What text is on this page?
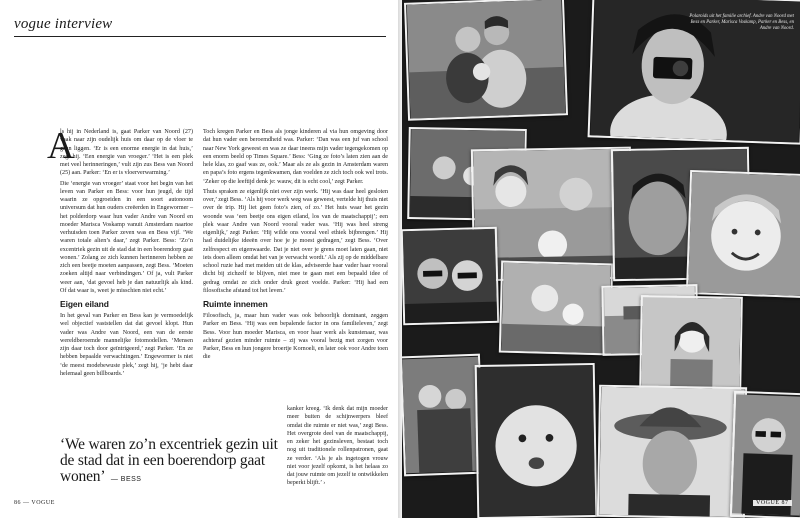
vogue interview
A

ls hij in Nederland is, gaat Parker van Noord (27) vaak naar zijn oudelijk huis om daar op de vloer te gaan liggen. ‘Er is een enorme energie in dat huis,’ zegt hij. ‘Een energie van vroeger.’ ‘Het is een plek met veel herinneringen,’ vult zijn zus Bess van Noord (25) aan. Parker: ‘En er is vloerverwarming.’

Die ‘energie van vroeger’ staat voor het begin van het leven van Parker en Bess: voor hun jeugd, de tijd waarin ze opgroeiden in een soort autonoom universum dat hun ouders creëerden in Engewormer – het polderdorp waar hun vader Andre van Noord en moeder Marisca Voskamp vanuit Amsterdam naartoe verhuisden toen Parker zeven was en Bess vijf. ‘We waren totale alien’s daar,’ zegt Parker. Bess: ‘Zo’n excentriek gezin uit de stad dat in een boerendorp gaat wonen.’ Zolang ze zich kunnen herinneren hebben ze zich een beetje moeten aanpassen, zegt Bess. ‘Moeten zoeken altijd naar verbindingen.’ Of ja, vult Parker weer aan, ‘dat gevoel heb je dan natuurlijk als kind. Of dat waar is, weet je misschien niet echt.’

Eigen eiland

In het geval van Parker en Bess kan je vermoedelijk wel objectief vaststellen dat dat gevoel klopt. Hun vader was Andre van Noord, een van de eerste wereldberoemde mannelijke fotomodellen. ‘Mensen zijn daar toch door geïntrigeerd,’ zegt Parker. ‘En ze hebben bepaalde verwachtingen.’ Engewormer is niet ‘de meest modebewuste plek,’ zegt hij, ‘je hebt daar helemaal geen billboards.’

Toch kregen Parker en Bess als jonge kinderen al via hun omgeving door dat hun vader een beroemdheid was. Parker: ‘Dan was een juf van school naar New York geweest en was ze daar ineens mijn vader tegengekomen op een enorm beeld op Times Square.’ Bess: ‘Ging ze foto’s laten zien aan de hele klas, zo gaaf was ze, ook.’ Maar als ze als gezin in Amsterdam waren en papa’s foto ergens tegenkwamen, dan voelden ze zich toch ook wel trots. ‘Zeker op die leeftijd denk je: wauw, dit is echt cool,’ zegt Parker.

Thuis spraken ze eigenlijk niet over zijn werk. ‘Hij was daar heel gesloten over,’ zegt Bess. ‘Als hij voor werk weg was geweest, vertelde hij thuis niet over de trip. Hij liet geen foto’s zien, of zo.’ Het huis waar het gezin woonde was ‘een beetje ons eigen eiland, los van de maatschappij’; een plek waar Andre van Noord vooral vader was. ‘Hij was heel streng eigenlijk,’ zegt Parker. ‘Hij wilde ons vooral veel ethiek bijbrengen.’ Hij had duidelijke ideeën over hoe je je moest gedragen,’ zegt Bess. ‘Over zelfrespect en eigenwaarde. Dat je niet over je grens moet laten gaan, niet iets doen alleen omdat het van je verwacht wordt.’ Als zij op de middelbare school ruzie had met meiden uit de klas, adviseerde haar vader haar vooral dicht bij zichzelf te blijven, niet mee te gaan met een bepaald idee of gedrag omdat ze zich onder druk gezet voelde. Parker: ‘Hij had een filosofische afstand tot het leven.’

Ruimte innemen

Filosofisch, ja, maar hun vader was ook behoorlijk dominant, zeggen Parker en Bess. ‘Hij was een bepalende factor in ons familieleven,’ zegt Bess. Voor hun moeder Marisca, en voor haar werk als kunstenaar, was achteraf gezien minder ruimte – zij was vooral bezig met zorgen voor Parker, Bess en hun jongere broertje Kornoeli, en later ook voor Andre toen die

kanker kreeg. ‘Ik denk dat mijn moeder meer buiten de schijnwerpers bleef omdat die ruimte er niet was,’ zegt Bess. Het overgrote deel van de maatschappij, en zeker het gezinsleven, bestaat toch nog uit traditionele rollenpatronen, gaat ze verder. ‘Als je als ingetogen vrouw niet voor jezelf opkomt, is het helaas zo dat jouw ruimte om jezelf te ontwikkelen beperkt blijft.’ ›

‘We waren zo’n excentriek gezin uit de stad dat in een boerendorp gaat wonen’ — BESS
86 — VOGUE
Polaroids uit het familie archief. Andre van Noord met Bess en Parker, Marisca Voskamp, Parker en Bess, en Andre van Noord.
VOGUE 87
